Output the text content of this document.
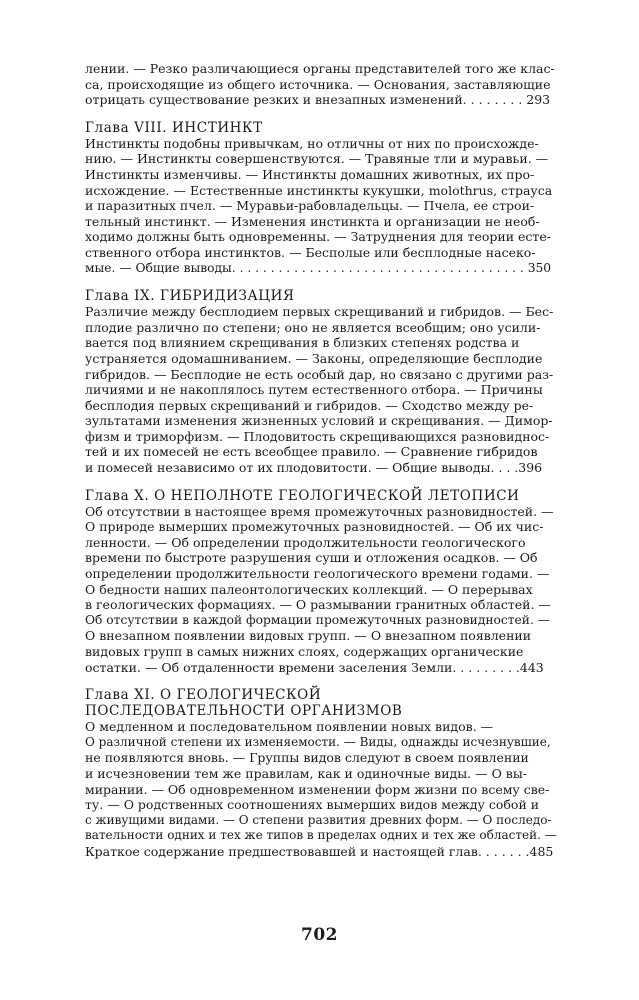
лении. — Резко различающиеся органы представителей того же клас-
са, происходящие из общего источника. — Основания, заставляющие
отрицать существование резких и внезапных изменений. . . . . . . . 293
Глава VIII. ИНСТИНКТ
Инстинкты подобны привычкам, но отличны от них по происхожде-
нию. — Инстинкты совершенствуются. — Травяные тли и муравьи. —
Инстинкты изменчивы. — Инстинкты домашних животных, их про-
исхождение. — Естественные инстинкты кукушки, molothrus, страуса
и паразитных пчел. — Муравьи-рабовладельцы. — Пчела, ее строи-
тельный инстинкт. — Изменения инстинкта и организации не необ-
ходимо должны быть одновременны. — Затруднения для теории есте-
ственного отбора инстинктов. — Бесполые или бесплодные насеко-
мые. — Общие выводы. . . . . . . . . . . . . . . . . . . . . . . . . . . . . . . . . . . . . . 350
Глава IX. ГИБРИДИЗАЦИЯ
Различие между бесплодием первых скрещиваний и гибридов. — Бес-
плодие различно по степени; оно не является всеобщим; оно усили-
вается под влиянием скрещивания в близких степенях родства и
устраняется одомашниванием. — Законы, определяющие бесплодие
гибридов. — Бесплодие не есть особый дар, но связано с другими раз-
личиями и не накоплялось путем естественного отбора. — Причины
бесплодия первых скрещиваний и гибридов. — Сходство между ре-
зультатами изменения жизненных условий и скрещивания. — Димор-
физм и триморфизм. — Плодовитость скрещивающихся разновиднос-
тей и их помесей не есть всеобщее правило. — Сравнение гибридов
и помесей независимо от их плодовитости. — Общие выводы. . . .396
Глава X. О НЕПОЛНОТЕ ГЕОЛОГИЧЕСКОЙ ЛЕТОПИСИ
Об отсутствии в настоящее время промежуточных разновидностей. —
О природе вымерших промежуточных разновидностей. — Об их чис-
ленности. — Об определении продолжительности геологического
времени по быстроте разрушения суши и отложения осадков. — Об
определении продолжительности геологического времени годами. —
О бедности наших палеонтологических коллекций. — О перерывах
в геологических формациях. — О размывании гранитных областей. —
Об отсутствии в каждой формации промежуточных разновидностей. —
О внезапном появлении видовых групп. — О внезапном появлении
видовых групп в самых нижних слоях, содержащих органические
остатки. — Об отдаленности времени заселения Земли. . . . . . . . .443
Глава XI. О ГЕОЛОГИЧЕСКОЙ
ПОСЛЕДОВАТЕЛЬНОСТИ ОРГАНИЗМОВ
О медленном и последовательном появлении новых видов. —
О различной степени их изменяемости. — Виды, однажды исчезнувшие,
не появляются вновь. — Группы видов следуют в своем появлении
и исчезновении тем же правилам, как и одиночные виды. — О вы-
мирании. — Об одновременном изменении форм жизни по всему све-
ту. — О родственных соотношениях вымерших видов между собой и
с живущими видами. — О степени развития древних форм. — О последо-
вательности одних и тех же типов в пределах одних и тех же областей. —
Краткое содержание предшествовавшей и настоящей глав. . . . . . .485
702
